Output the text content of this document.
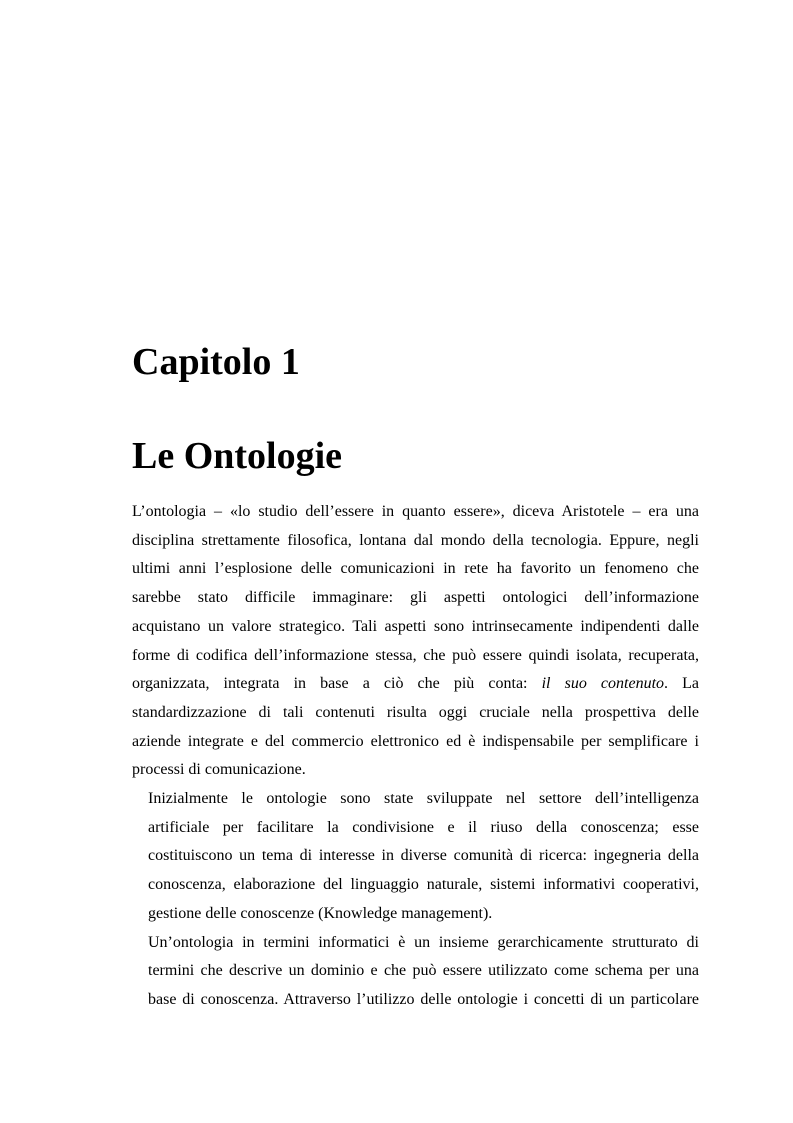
Capitolo 1
Le Ontologie

L’ontologia – «lo studio dell’essere in quanto essere», diceva Aristotele – era una
disciplina strettamente filosofica, lontana dal mondo della tecnologia. Eppure, negli
ultimi anni l’esplosione delle comunicazioni in rete ha favorito un fenomeno che
sarebbe stato difficile immaginare: gli aspetti ontologici dell’informazione
acquistano un valore strategico. Tali aspetti sono intrinsecamente indipendenti dalle
forme di codifica dell’informazione stessa, che può essere quindi isolata, recuperata,
organizzata, integrata in base a ciò che più conta: il suo contenuto. La
standardizzazione di tali contenuti risulta oggi cruciale nella prospettiva delle
aziende integrate e del commercio elettronico ed è indispensabile per semplificare i
processi di comunicazione.

Inizialmente le ontologie sono state sviluppate nel settore dell’intelligenza
artificiale per facilitare la condivisione e il riuso della conoscenza; esse
costituiscono un tema di interesse in diverse comunità di ricerca: ingegneria della
conoscenza, elaborazione del linguaggio naturale, sistemi informativi cooperativi,
gestione delle conoscenze (Knowledge management).

Un’ontologia in termini informatici è un insieme gerarchicamente strutturato di
termini che descrive un dominio e che può essere utilizzato come schema per una
base di conoscenza. Attraverso l’utilizzo delle ontologie i concetti di un particolare
